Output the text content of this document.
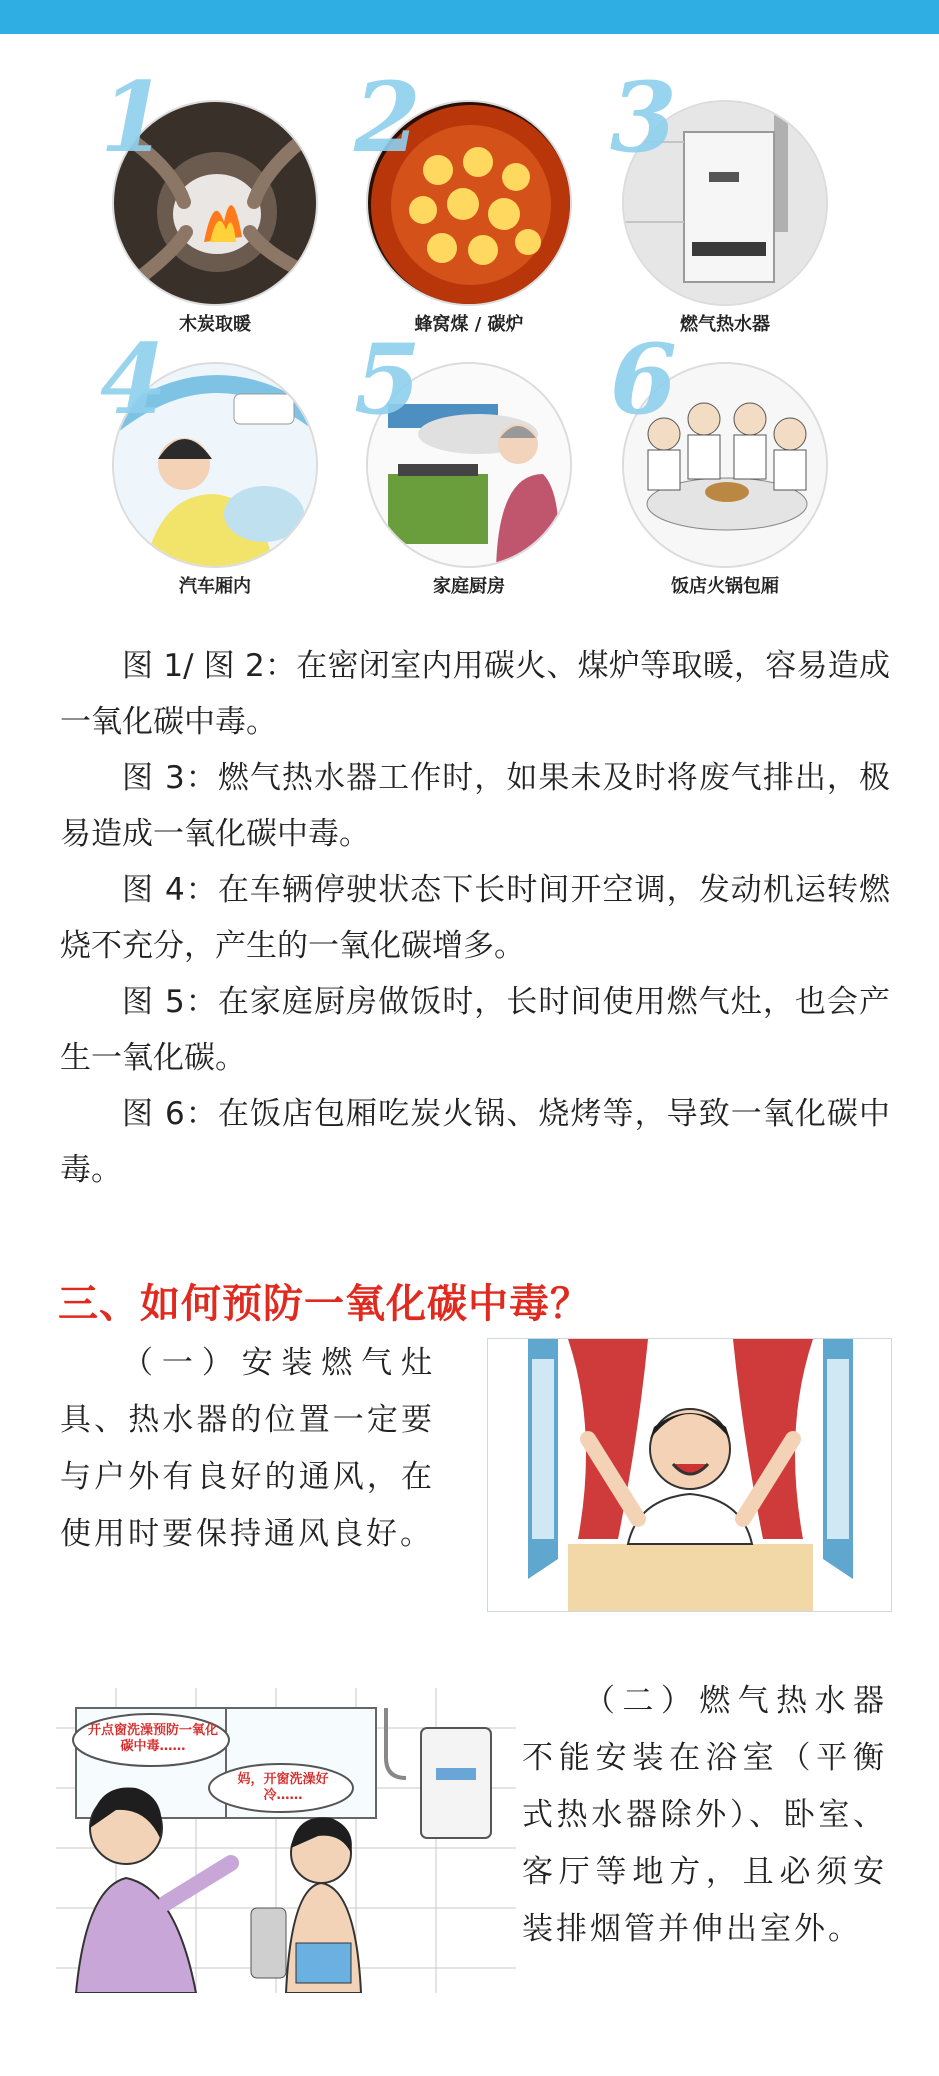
1
木炭取暖
2
蜂窝煤 / 碳炉
3
燃气热水器
4
汽车厢内
5
家庭厨房
6
饭店火锅包厢

图 1/ 图 2：在密闭室内用碳火、煤炉等取暖，容易造成一氧化碳中毒。

图 3：燃气热水器工作时，如果未及时将废气排出，极易造成一氧化碳中毒。

图 4：在车辆停驶状态下长时间开空调，发动机运转燃烧不充分，产生的一氧化碳增多。

图 5：在家庭厨房做饭时，长时间使用燃气灶，也会产生一氧化碳。

图 6：在饭店包厢吃炭火锅、烧烤等，导致一氧化碳中毒。

三、如何预防一氧化碳中毒？

（一）安装燃气灶具、热水器的位置一定要与户外有良好的通风，在使用时要保持通风良好。

开点窗洗澡预防一氧化碳中毒……
妈，开窗洗澡好冷……

（二）燃气热水器不能安装在浴室（平衡式热水器除外）、卧室、客厅等地方，且必须安装排烟管并伸出室外。
